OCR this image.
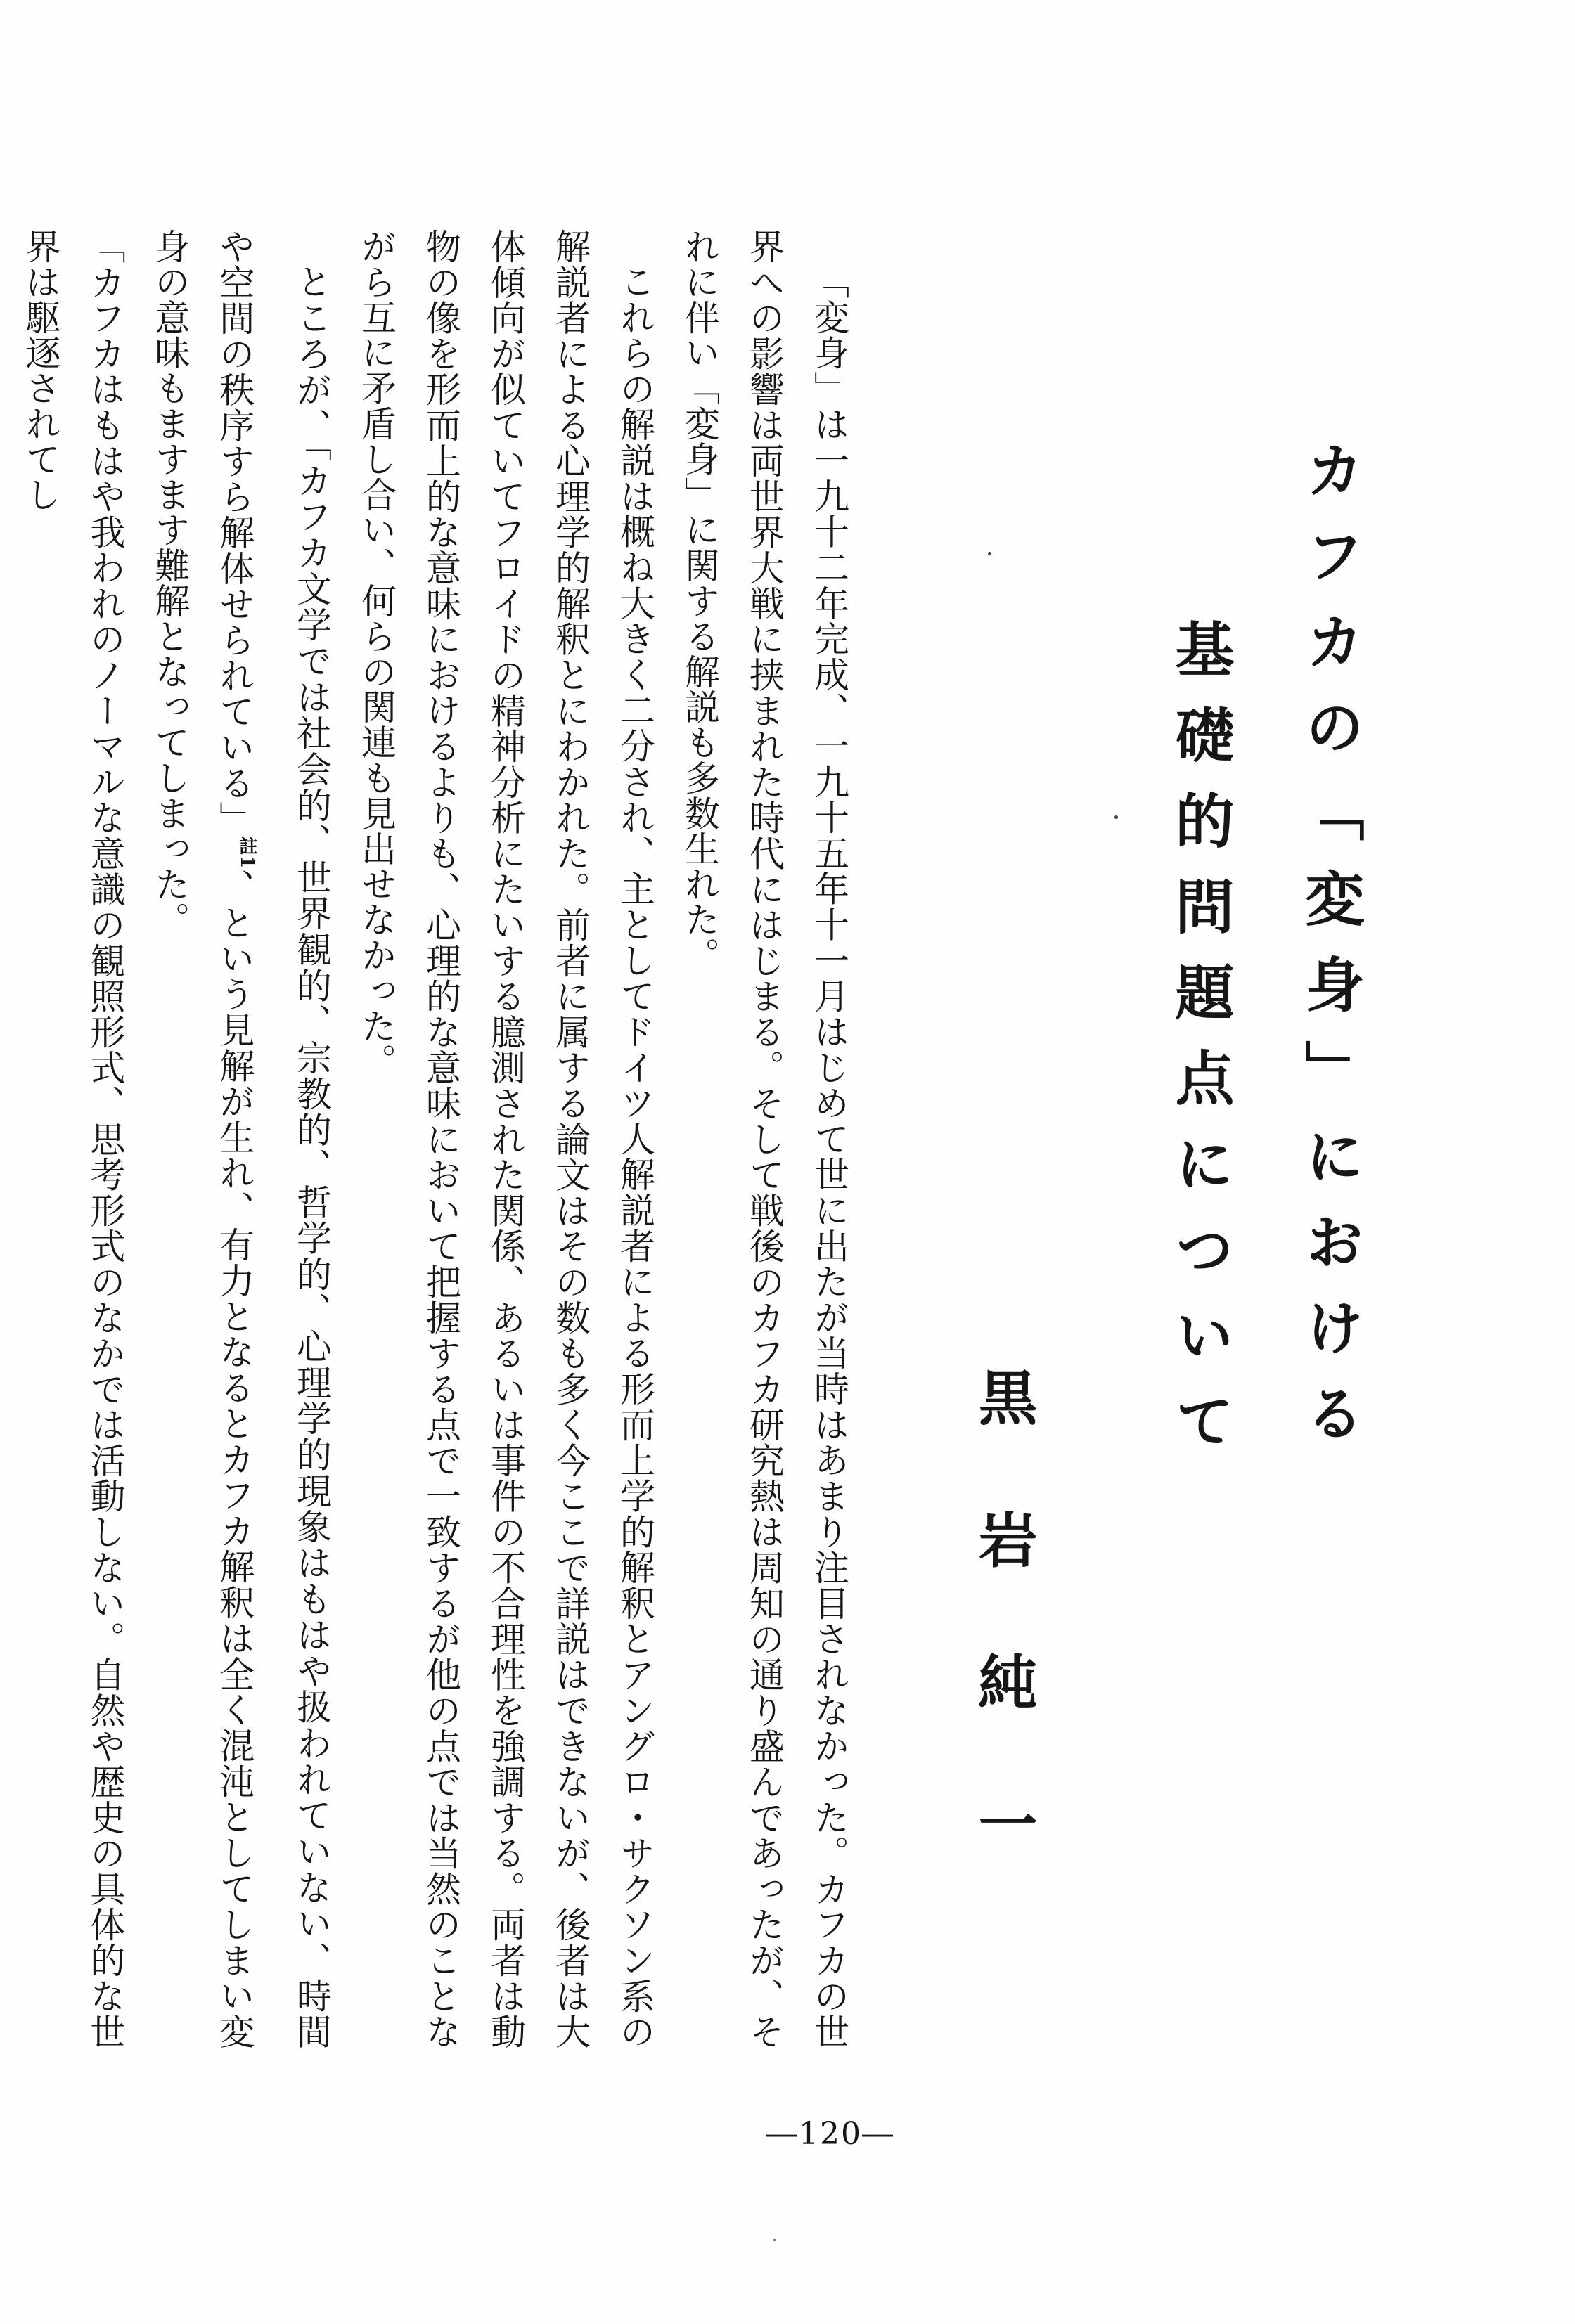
カフカの「変身」における
基礎的問題点について
黒岩純一

「変身」は一九十二年完成、一九十五年十一月はじめて世に出たが当時はあまり注目されなかった。カフカの世界への影響は両世界大戦に挟まれた時代にはじまる。そして戦後のカフカ研究熱は周知の通り盛んであったが、それに伴い「変身」に関する解説も多数生れた。

これらの解説は概ね大きく二分され、主としてドイツ人解説者による形而上学的解釈とアングロ・サクソン系の解説者による心理学的解釈とにわかれた。前者に属する論文はその数も多く今ここで詳説はできないが、後者は大体傾向が似ていてフロイドの精神分析にたいする臆測された関係、あるいは事件の不合理性を強調する。両者は動物の像を形而上的な意味におけるよりも、心理的な意味において把握する点で一致するが他の点では当然のことながら互に矛盾し合い、何らの関連も見出せなかった。

ところが、「カフカ文学では社会的、世界観的、宗教的、哲学的、心理学的現象はもはや扱われていない、時間や空間の秩序すら解体せられている」$^{註1}$、という見解が生れ、有力となるとカフカ解釈は全く混沌としてしまい変身の意味もますます難解となってしまった。

「カフカはもはや我われのノーマルな意識の観照形式、思考形式のなかでは活動しない。自然や歴史の具体的な世界は駆逐されてし

―120―
